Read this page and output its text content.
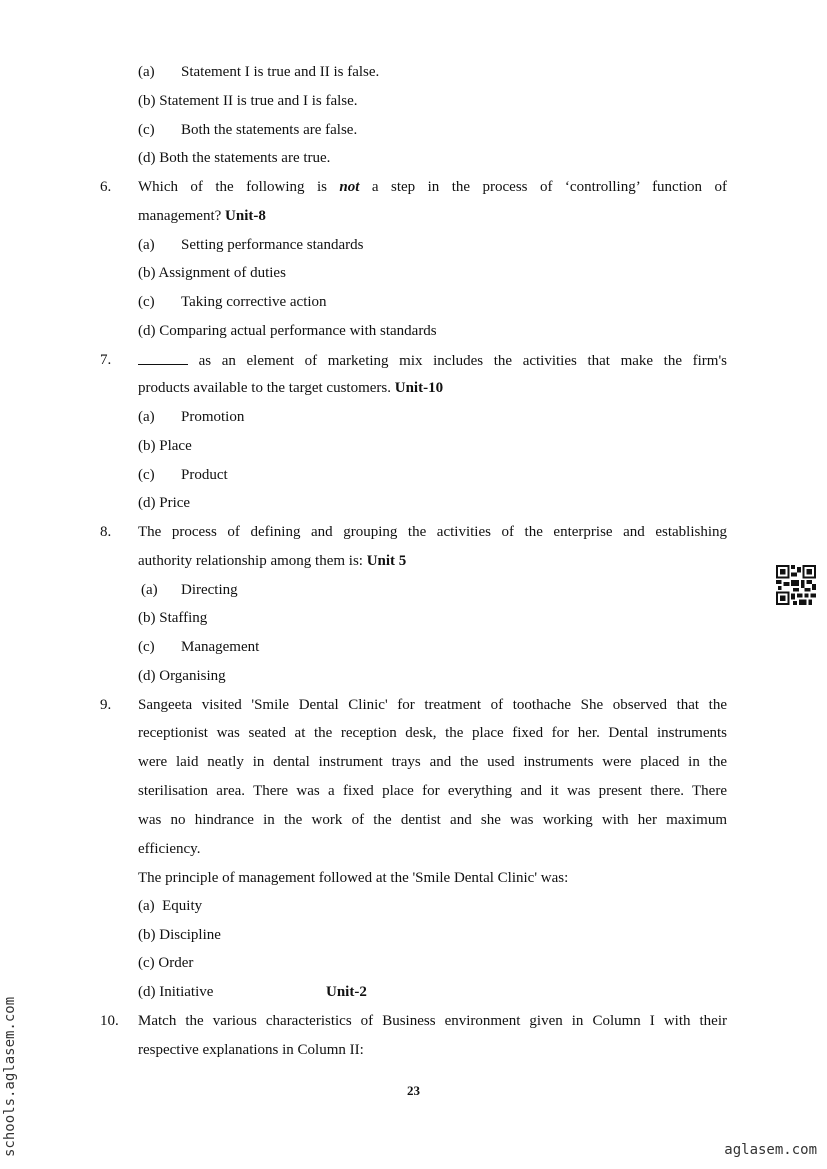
(a) Statement I is true and II is false.
(b) Statement II is true and I is false.
(c) Both the statements are false.
(d) Both the statements are true.
6. Which of the following is not a step in the process of ‘controlling’ function of
management? Unit-8
(a) Setting performance standards
(b) Assignment of duties
(c) Taking corrective action
(d) Comparing actual performance with standards
7.	as an element of marketing mix includes the activities that make the firm's
products available to the target customers. Unit-10
(a) Promotion
(b) Place
(c) Product
(d) Price
8. The process of defining and grouping the activities of the enterprise and establishing
authority relationship among them is: Unit 5
(a) Directing
(b) Staffing
(c) Management
(d) Organising
9. Sangeeta visited 'Smile Dental Clinic' for treatment of toothache She observed that the
receptionist was seated at the reception desk, the place fixed for her. Dental instruments
were laid neatly in dental instrument trays and the used instruments were placed in the
sterilisation area. There was a fixed place for everything and it was present there. There
was no hindrance in the work of the dentist and she was working with her maximum
efficiency.
The principle of management followed at the 'Smile Dental Clinic' was:
(a)  Equity
(b) Discipline
(c) Order
(d) Initiative	Unit-2
10. Match the various characteristics of Business environment given in Column I with their
respective explanations in Column II:
23
schools.aglasem.com	aglasem.com
